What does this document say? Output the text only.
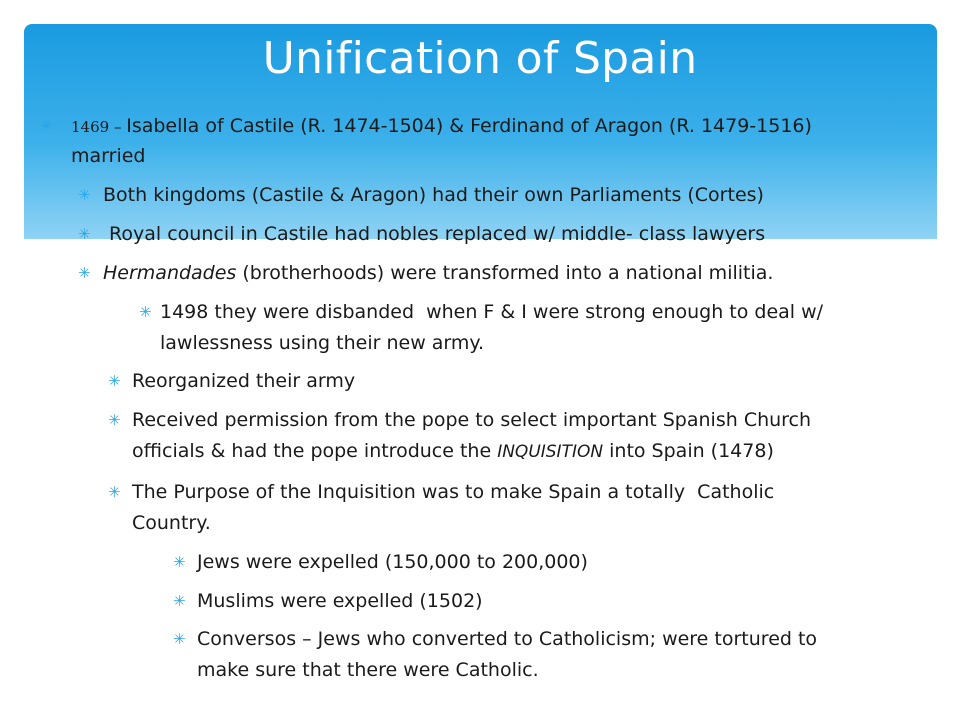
Unification of Spain
✳ 1469 – Isabella of Castile (R. 1474-1504) & Ferdinand of Aragon (R. 1479-1516)
married
✳ Both kingdoms (Castile & Aragon) had their own Parliaments (Cortes)
✳ Royal council in Castile had nobles replaced w/ middle- class lawyers
✳ Hermandades (brotherhoods) were transformed into a national militia.
✳ 1498 they were disbanded  when F & I were strong enough to deal w/
lawlessness using their new army.
✳ Reorganized their army
✳ Received permission from the pope to select important Spanish Church
officials & had the pope introduce the INQUISITION into Spain (1478)
✳ The Purpose of the Inquisition was to make Spain a totally  Catholic
Country.
✳ Jews were expelled (150,000 to 200,000)
✳ Muslims were expelled (1502)
✳ Conversos – Jews who converted to Catholicism; were tortured to
make sure that there were Catholic.
